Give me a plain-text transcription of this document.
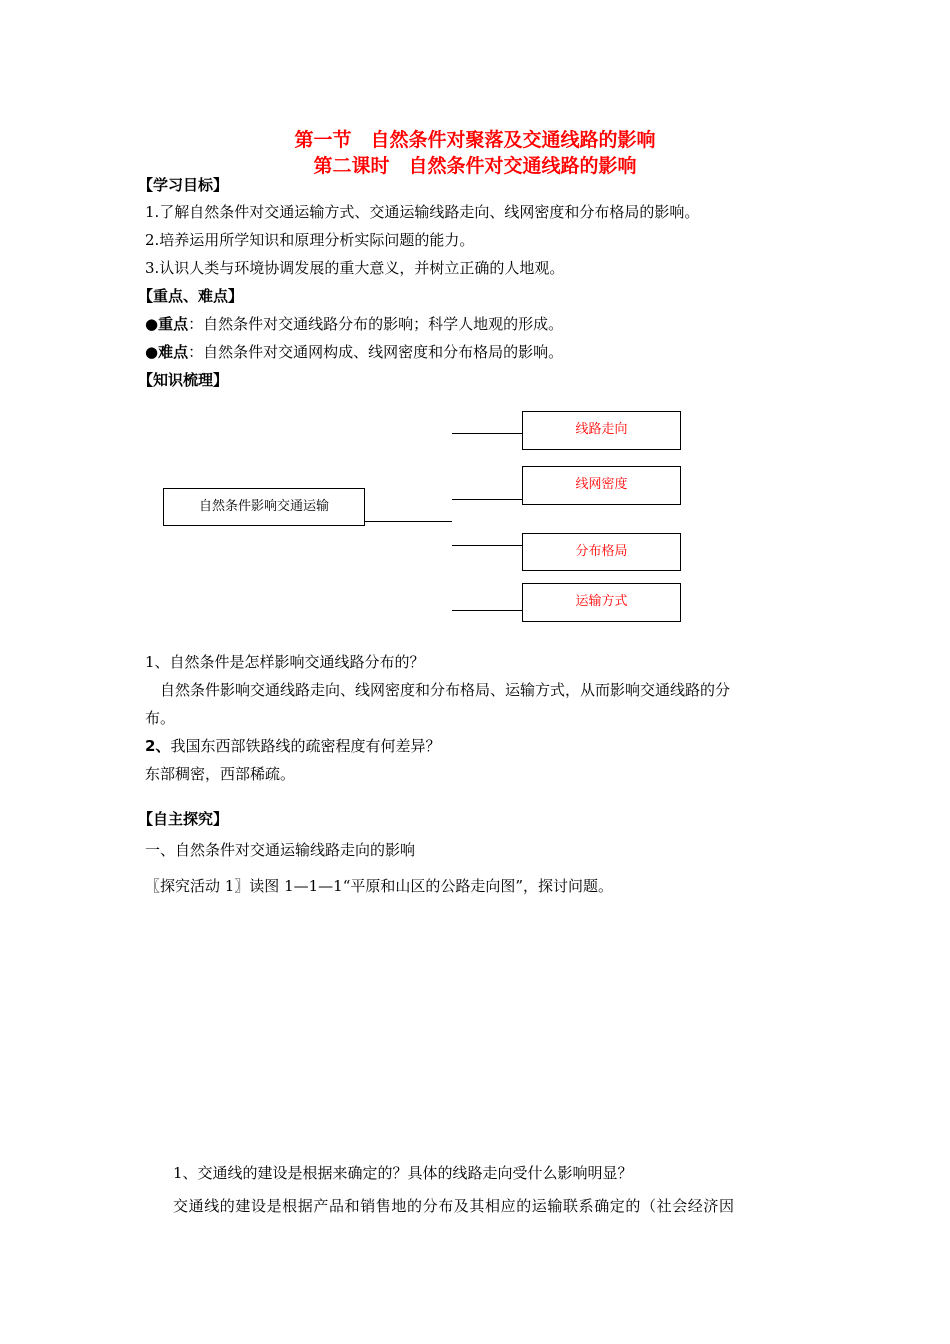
第一节　自然条件对聚落及交通线路的影响
第二课时　自然条件对交通线路的影响
【学习目标】
1.了解自然条件对交通运输方式、交通运输线路走向、线网密度和分布格局的影响。
2.培养运用所学知识和原理分析实际问题的能力。
3.认识人类与环境协调发展的重大意义，并树立正确的人地观。
【重点、难点】
●重点：自然条件对交通线路分布的影响；科学人地观的形成。
●难点：自然条件对交通网构成、线网密度和分布格局的影响。
【知识梳理】
自然条件影响交通运输
线路走向
线网密度
分布格局
运输方式
1、自然条件是怎样影响交通线路分布的？
自然条件影响交通线路走向、线网密度和分布格局、运输方式，从而影响交通线路的分
布。
2、我国东西部铁路线的疏密程度有何差异？
东部稠密，西部稀疏。
【自主探究】
一、自然条件对交通运输线路走向的影响
〖探究活动 1〗读图 1—1—1“平原和山区的公路走向图”，探讨问题。
1、交通线的建设是根据来确定的？具体的线路走向受什么影响明显？
交通线的建设是根据产品和销售地的分布及其相应的运输联系确定的（社会经济因
